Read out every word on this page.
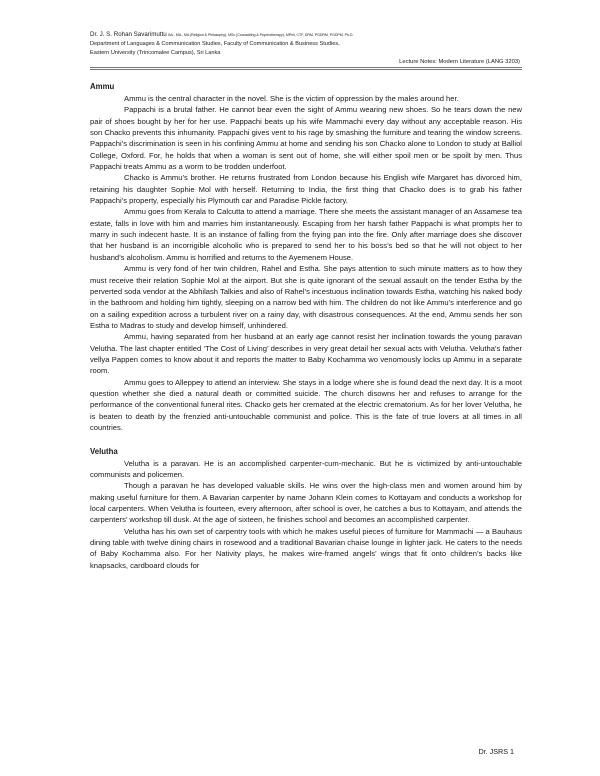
Dr. J. S. Rohan Savarimuttu BA., MA., MA (Religion & Philosophy), MSc (Counselling & Psychotherapy), MPhil, CTF, DRM, PGDRM, PGDPM, Ph.D.
Department of Languages & Communication Studies, Faculty of Communication & Business Studies,
Eastern University (Trincomalee Campus), Sri Lanka
Lecture Notes: Modern Literature (LANG 3203)
Ammu

Ammu is the central character in the novel. She is the victim of oppression by the males around her.

Pappachi is a brutal father. He cannot bear even the sight of Ammu wearing new shoes. So he tears down the new pair of shoes bought by her for her use. Pappachi beats up his wife Mammachi every day without any acceptable reason. His son Chacko prevents this inhumanity. Pappachi gives vent to his rage by smashing the furniture and tearing the window screens. Pappachi’s discrimination is seen in his confining Ammu at home and sending his son Chacko alone to London to study at Balliol College, Oxford. For, he holds that when a woman is sent out of home, she will either spoil men or be spoilt by men. Thus Pappachi treats Ammu as a worm to be trodden underfoot.

Chacko is Ammu’s brother. He returns frustrated from London because his English wife Margaret has divorced him, retaining his daughter Sophie Mol with herself. Returning to India, the first thing that Chacko does is to grab his father Pappachi’s property, especially his Plymouth car and Paradise Pickle factory.

Ammu goes from Kerala to Calcutta to attend a marriage. There she meets the assistant manager of an Assamese tea estate, falls in love with him and marries him instantaneously. Escaping from her harsh father Pappachi is what prompts her to marry in such indecent haste. It is an instance of falling from the frying pan into the fire. Only after marriage does she discover that her husband is an incorrigible alcoholic who is prepared to send her to his boss’s bed so that he will not object to her husband’s alcoholism. Ammu is horrified and returns to the Ayemenem House.

Ammu is very fond of her twin children, Rahel and Estha. She pays attention to such minute matters as to how they must receive their relation Sophie Mol at the airport. But she is quite ignorant of the sexual assault on the tender Estha by the perverted soda vendor at the Abhilash Talkies and also of Rahel’s incestuous inclination towards Estha, watching his naked body in the bathroom and holding him tightly, sleeping on a narrow bed with him. The children do not like Ammu’s interference and go on a sailing expedition across a turbulent river on a rainy day, with disastrous consequences. At the end, Ammu sends her son Estha to Madras to study and develop himself, unhindered.

Ammu, having separated from her husband at an early age cannot resist her inclination towards the young paravan Velutha. The last chapter entitled ‘The Cost of Living’ describes in very great detail her sexual acts with Velutha. Velutha’s father vellya Pappen comes to know about it and reports the matter to Baby Kochamma wo venomously locks up Ammu in a separate room.

Ammu goes to Alleppey to attend an interview. She stays in a lodge where she is found dead the next day. It is a moot question whether she died a natural death or committed suicide. The church disowns her and refuses to arrange for the performance of the conventional funeral rites. Chacko gets her cremated at the electric crematorium. As for her lover Velutha, he is beaten to death by the frenzied anti-untouchable communist and police. This is the fate of true lovers at all times in all countries.

Velutha

Velutha is a paravan. He is an accomplished carpenter-cum-mechanic. But he is victimized by anti-untouchable communists and policemen.

Though a paravan he has developed valuable skills. He wins over the high-class men and women around him by making useful furniture for them. A Bavarian carpenter by name Johann Klein comes to Kottayam and conducts a workshop for local carpenters. When Velutha is fourteen, every afternoon, after school is over, he catches a bus to Kottayam, and attends the carpenters’ workshop till dusk. At the age of sixteen, he finishes school and becomes an accomplished carpenter.

Velutha has his own set of carpentry tools with which he makes useful pieces of furniture for Mammachi — a Bauhaus dining table with twelve dining chairs in rosewood and a traditional Bavarian chaise lounge in lighter jack. He caters to the needs of Baby Kochamma also. For her Nativity plays, he makes wire-framed angels’ wings that fit onto children’s backs like knapsacks, cardboard clouds for

Dr. JSRS 1
